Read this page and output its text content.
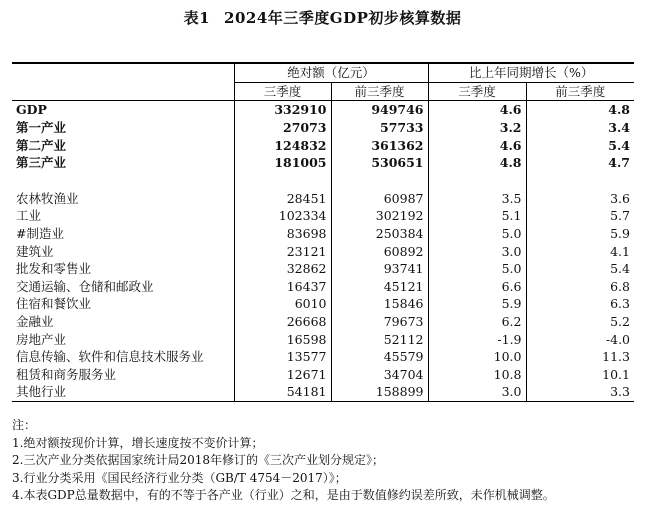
表1 2024年三季度GDP初步核算数据
	绝对额（亿元）		比上年同期增长（%）	
	三季度	前三季度	三季度	前三季度
GDP	332910	949746	4.6	4.8
第一产业	27073	57733	3.2	3.4
第二产业	124832	361362	4.6	5.4
第三产业	181005	530651	4.8	4.7

农林牧渔业	28451	60987	3.5	3.6
工业	102334	302192	5.1	5.7
#制造业	83698	250384	5.0	5.9
建筑业	23121	60892	3.0	4.1
批发和零售业	32862	93741	5.0	5.4
交通运输、仓储和邮政业	16437	45121	6.6	6.8
住宿和餐饮业	6010	15846	5.9	6.3
金融业	26668	79673	6.2	5.2
房地产业	16598	52112	-1.9	-4.0
信息传输、软件和信息技术服务业	13577	45579	10.0	11.3
租赁和商务服务业	12671	34704	10.8	10.1
其他行业	54181	158899	3.0	3.3
注：
1.绝对额按现价计算，增长速度按不变价计算；
2.三次产业分类依据国家统计局2018年修订的《三次产业划分规定》；
3.行业分类采用《国民经济行业分类（GB/T 4754－2017）》；
4.本表GDP总量数据中，有的不等于各产业（行业）之和，是由于数值修约误差所致，未作机械调整。
